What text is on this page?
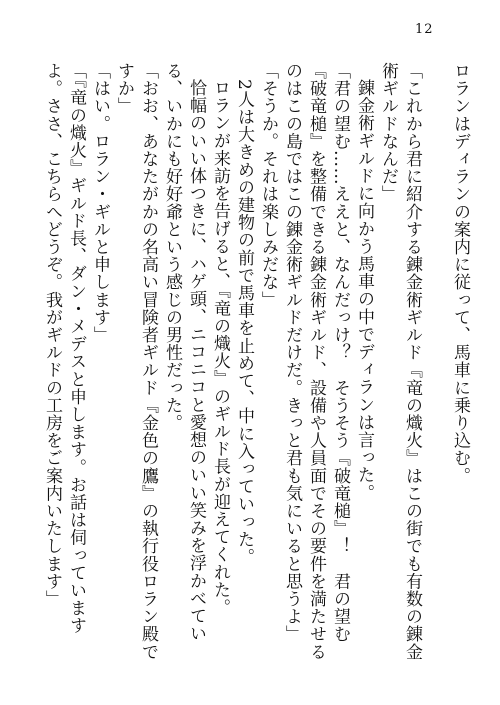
12

ロランはディランの案内に従って、馬車に乗り込む。

「これから君に紹介する錬金術ギルド『竜の熾火』はこの街でも有数の錬金術ギルドなんだ」

錬金術ギルドに向かう馬車の中でディランは言った。

「君の望む……ええと、なんだっけ？　そうそう『破竜槌』！　君の望む『破竜槌』を整備できる錬金術ギルド、設備や人員面でその要件を満たせるのはこの島ではこの錬金術ギルドだけだ。きっと君も気にいると思うよ」

「そうか。それは楽しみだな」

2人は大きめの建物の前で馬車を止めて、中に入っていった。

ロランが来訪を告げると、『竜の熾火』のギルド長が迎えてくれた。

恰幅のいい体つきに、ハゲ頭、ニコニコと愛想のいい笑みを浮かべている、いかにも好好爺という感じの男性だった。

「おお、あなたがかの名高い冒険者ギルド『金色の鷹』の執行役ロラン殿ですか」

「はい。ロラン・ギルと申します」

「『竜の熾火』ギルド長、ダン・メデスと申します。お話は伺っていますよ。ささ、こちらへどうぞ。我がギルドの工房をご案内いたします」
